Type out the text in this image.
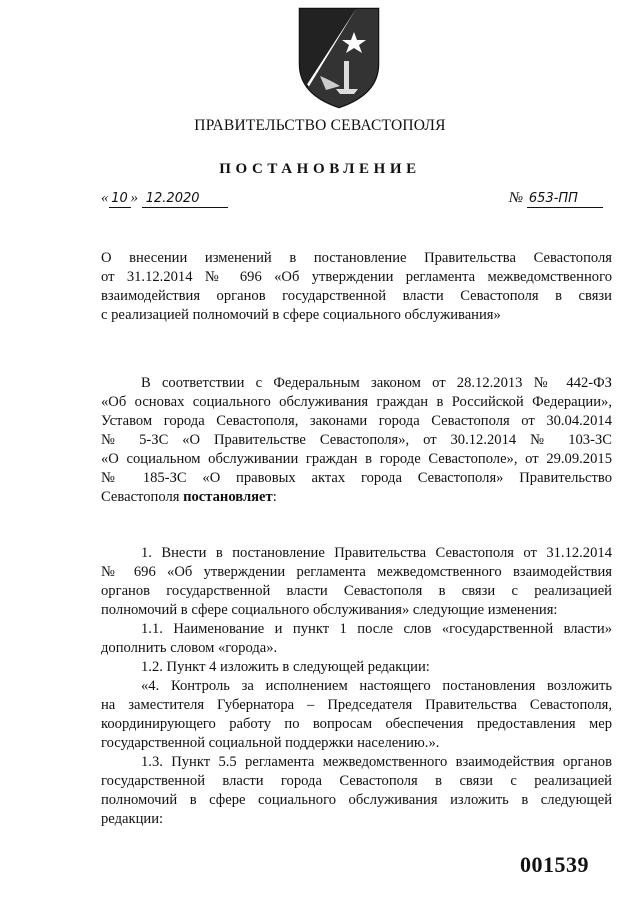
ПРАВИТЕЛЬСТВО СЕВАСТОПОЛЯ
ПОСТАНОВЛЕНИЕ
« 10 » 12.2020	№ 653-ПП
О внесении изменений в постановление Правительства Севастополя
от 31.12.2014 № 696 «Об утверждении регламента межведомственного
взаимодействия органов государственной власти Севастополя в связи
с реализацией полномочий в сфере социального обслуживания»
В соответствии с Федеральным законом от 28.12.2013 № 442-ФЗ
«Об основах социального обслуживания граждан в Российской Федерации»,
Уставом города Севастополя, законами города Севастополя от 30.04.2014
№ 5-ЗС «О Правительстве Севастополя», от 30.12.2014 № 103-ЗС
«О социальном обслуживании граждан в городе Севастополе», от 29.09.2015
№ 185-ЗС «О правовых актах города Севастополя» Правительство
Севастополя постановляет:
1. Внести в постановление Правительства Севастополя от 31.12.2014
№ 696 «Об утверждении регламента межведомственного взаимодействия
органов государственной власти Севастополя в связи с реализацией
полномочий в сфере социального обслуживания» следующие изменения:
1.1. Наименование и пункт 1 после слов «государственной власти»
дополнить словом «города».
1.2. Пункт 4 изложить в следующей редакции:
«4. Контроль за исполнением настоящего постановления возложить
на заместителя Губернатора – Председателя Правительства Севастополя,
координирующего работу по вопросам обеспечения предоставления мер
государственной социальной поддержки населению.».
1.3. Пункт 5.5 регламента межведомственного взаимодействия органов
государственной власти города Севастополя в связи с реализацией
полномочий в сфере социального обслуживания изложить в следующей
редакции:
001539
